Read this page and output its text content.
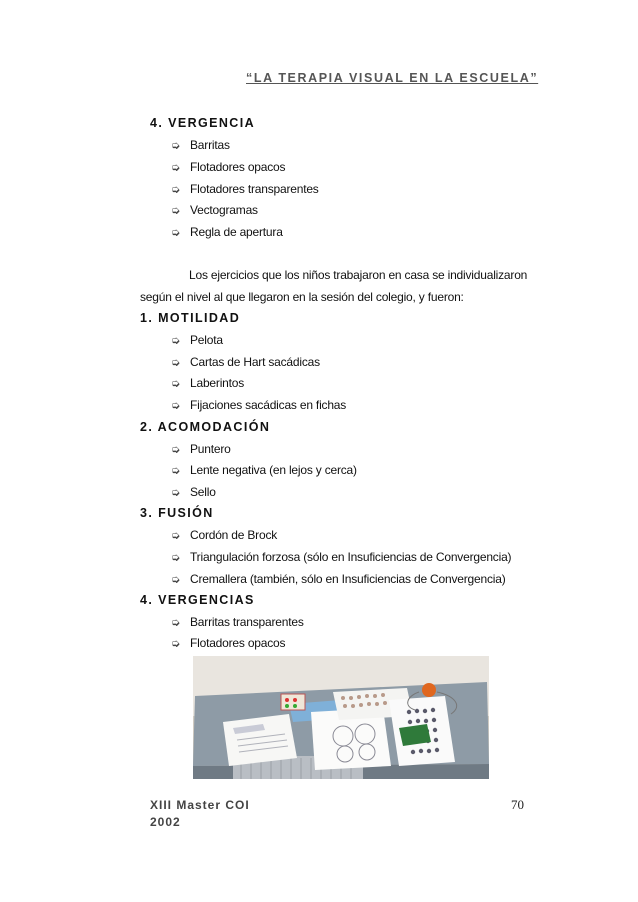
“LA TERAPIA VISUAL EN LA ESCUELA”
4. VERGENCIA
➭ Barritas
➭ Flotadores opacos
➭ Flotadores transparentes
➭ Vectogramas
➭ Regla de apertura
Los ejercicios que los niños trabajaron en casa se individualizaron
según el nivel al que llegaron en la sesión del colegio, y fueron:
1. MOTILIDAD
➭ Pelota
➭ Cartas de Hart sacádicas
➭ Laberintos
➭ Fijaciones sacádicas en fichas
2. ACOMODACIÓN
➭ Puntero
➭ Lente negativa (en lejos y cerca)
➭ Sello
3. FUSIÓN
➭ Cordón de Brock
➭ Triangulación forzosa (sólo en Insuficiencias de Convergencia)
➭ Cremallera (también, sólo en Insuficiencias de Convergencia)
4. VERGENCIAS
➭ Barritas transparentes
➭ Flotadores opacos
XIII Master COI
2002
70
